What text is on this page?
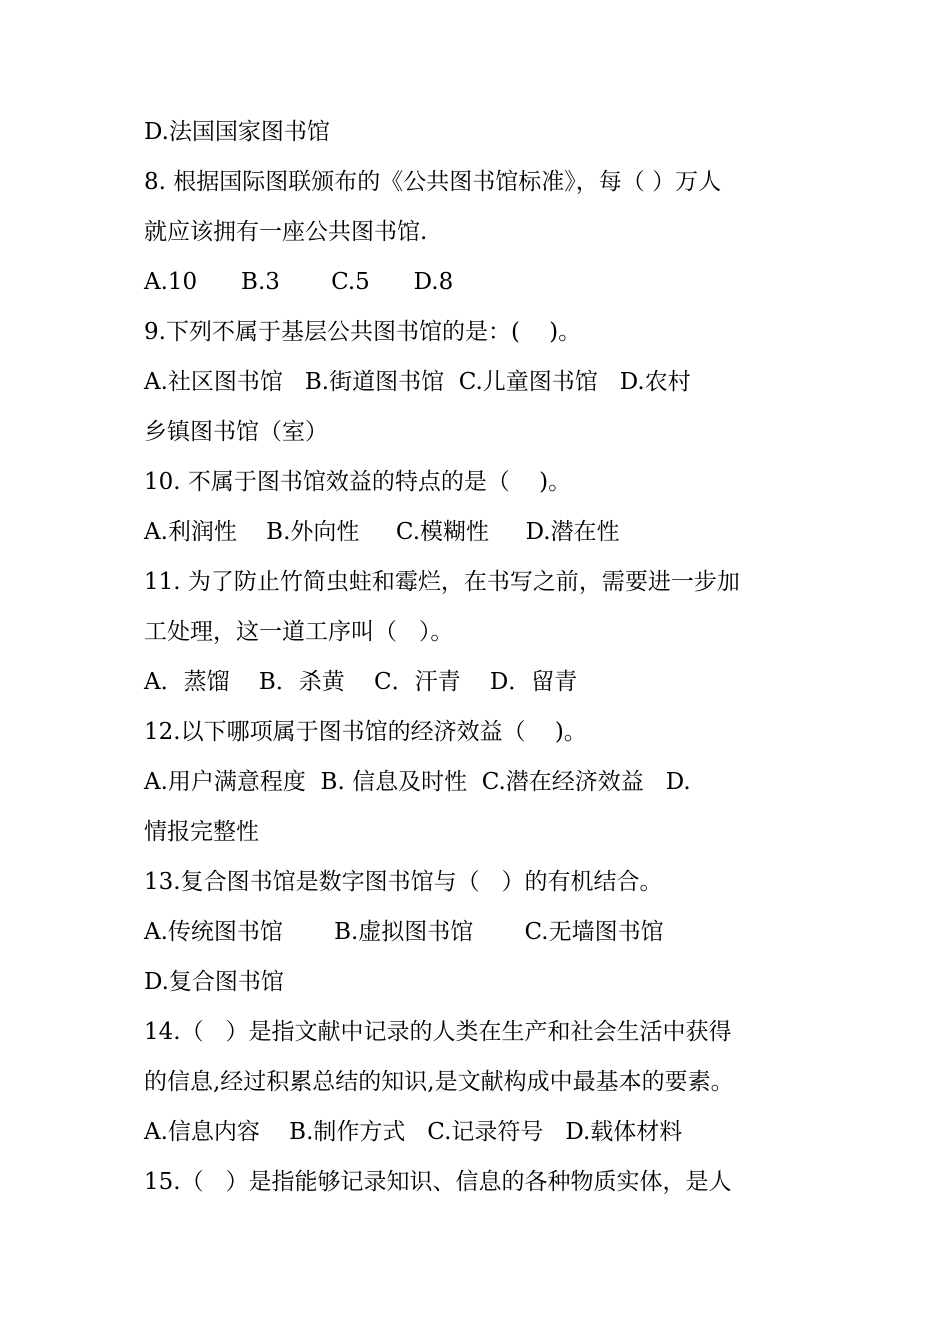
D.法国国家图书馆
8. 根据国际图联颁布的《公共图书馆标准》，每（ ）万人
就应该拥有一座公共图书馆.
A.10      B.3       C.5      D.8
9.下列不属于基层公共图书馆的是：(    )。
A.社区图书馆   B.街道图书馆  C.儿童图书馆   D.农村
乡镇图书馆（室）
10. 不属于图书馆效益的特点的是（    )。
A.利润性    B.外向性     C.模糊性     D.潜在性
11. 为了防止竹简虫蛀和霉烂，在书写之前，需要进一步加
工处理，这一道工序叫（   ）。
A．蒸馏    B．杀黄    C．汗青    D．留青
12.以下哪项属于图书馆的经济效益（    )。
A.用户满意程度  B. 信息及时性  C.潜在经济效益   D.
情报完整性
13.复合图书馆是数字图书馆与（   ）的有机结合。
A.传统图书馆       B.虚拟图书馆       C.无墙图书馆
D.复合图书馆
14.（   ）是指文献中记录的人类在生产和社会生活中获得
的信息,经过积累总结的知识,是文献构成中最基本的要素。
A.信息内容    B.制作方式   C.记录符号   D.载体材料
15.（   ）是指能够记录知识、信息的各种物质实体，是人
